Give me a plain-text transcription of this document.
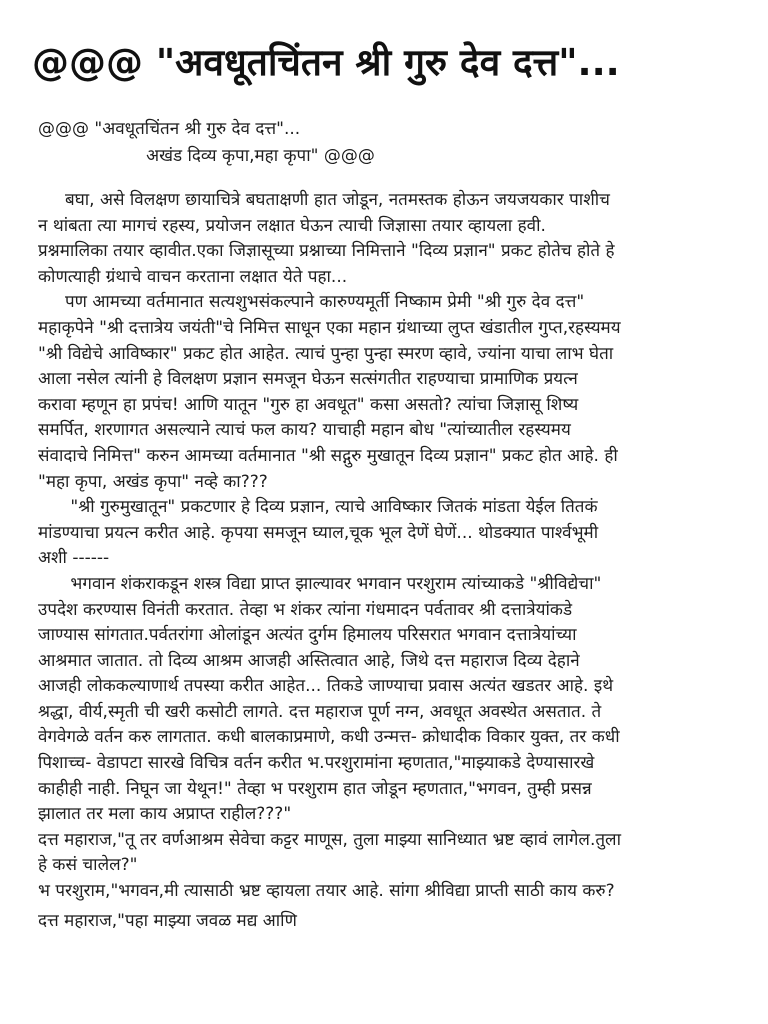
@@@ "अवधूतचिंतन श्री गुरु देव दत्त"...
@@@ "अवधूतचिंतन श्री गुरु देव दत्त"...
अखंड दिव्य कृपा,महा कृपा" @@@
बघा, असे विलक्षण छायाचित्रे बघताक्षणी हात जोडून, नतमस्तक होऊन जयजयकार पाशीच
न थांबता त्या मागचं रहस्य, प्रयोजन लक्षात घेऊन त्याची जिज्ञासा तयार व्हायला हवी.
प्रश्नमालिका तयार व्हावीत.एका जिज्ञासूच्या प्रश्नाच्या निमित्ताने "दिव्य प्रज्ञान" प्रकट होतेच होते हे
कोणत्याही ग्रंथाचे वाचन करताना लक्षात येते पहा...
पण आमच्या वर्तमानात सत्यशुभसंकल्पाने कारुण्यमूर्ती निष्काम प्रेमी "श्री गुरु देव दत्त"
महाकृपेने "श्री दत्तात्रेय जयंती"चे निमित्त साधून एका महान ग्रंथाच्या लुप्त खंडातील गुप्त,रहस्यमय
"श्री विद्येचे आविष्कार" प्रकट होत आहेत. त्याचं पुन्हा पुन्हा स्मरण व्हावे, ज्यांना याचा लाभ घेता
आला नसेल त्यांनी हे विलक्षण प्रज्ञान समजून घेऊन सत्संगतीत राहण्याचा प्रामाणिक प्रयत्न
करावा म्हणून हा प्रपंच! आणि यातून "गुरु हा अवधूत" कसा असतो? त्यांचा जिज्ञासू शिष्य
समर्पित, शरणागत असल्याने त्याचं फल काय? याचाही महान बोध "त्यांच्यातील रहस्यमय
संवादाचे निमित्त" करुन आमच्या वर्तमानात "श्री सद्गुरु मुखातून दिव्य प्रज्ञान" प्रकट होत आहे. ही
"महा कृपा, अखंड कृपा" नव्हे का???
"श्री गुरुमुखातून" प्रकटणार हे दिव्य प्रज्ञान, त्याचे आविष्कार जितकं मांडता येईल तितकं
मांडण्याचा प्रयत्न करीत आहे. कृपया समजून घ्याल,चूक भूल देणें घेणें... थोडक्यात पार्श्वभूमी
अशी ------
भगवान शंकराकडून शस्त्र विद्या प्राप्त झाल्यावर भगवान परशुराम त्यांच्याकडे "श्रीविद्येचा"
उपदेश करण्यास विनंती करतात. तेव्हा भ शंकर त्यांना गंधमादन पर्वतावर श्री दत्तात्रेयांकडे
जाण्यास सांगतात.पर्वतरांगा ओलांडून अत्यंत दुर्गम हिमालय परिसरात भगवान दत्तात्रेयांच्या
आश्रमात जातात. तो दिव्य आश्रम आजही अस्तित्वात आहे, जिथे दत्त महाराज दिव्य देहाने
आजही लोककल्याणार्थ तपस्या करीत आहेत... तिकडे जाण्याचा प्रवास अत्यंत खडतर आहे. इथे
श्रद्धा, वीर्य,स्मृती ची खरी कसोटी लागते. दत्त महाराज पूर्ण नग्न, अवधूत अवस्थेत असतात. ते
वेगवेगळे वर्तन करु लागतात. कधी बालकाप्रमाणे, कधी उन्मत्त- क्रोधादीक विकार युक्त, तर कधी
पिशाच्च- वेडापटा सारखे विचित्र वर्तन करीत भ.परशुरामांना म्हणतात,"माझ्याकडे देण्यासारखे
काहीही नाही. निघून जा येथून!" तेव्हा भ परशुराम हात जोडून म्हणतात,"भगवन, तुम्ही प्रसन्न
झालात तर मला काय अप्राप्त राहील???"
दत्त महाराज,"तू तर वर्णआश्रम सेवेचा कट्टर माणूस, तुला माझ्या सानिध्यात भ्रष्ट व्हावं लागेल.तुला
हे कसं चालेल?"
भ परशुराम,"भगवन,मी त्यासाठी भ्रष्ट व्हायला तयार आहे. सांगा श्रीविद्या प्राप्ती साठी काय करु?
दत्त महाराज,"पहा माझ्या जवळ मद्य आणि
